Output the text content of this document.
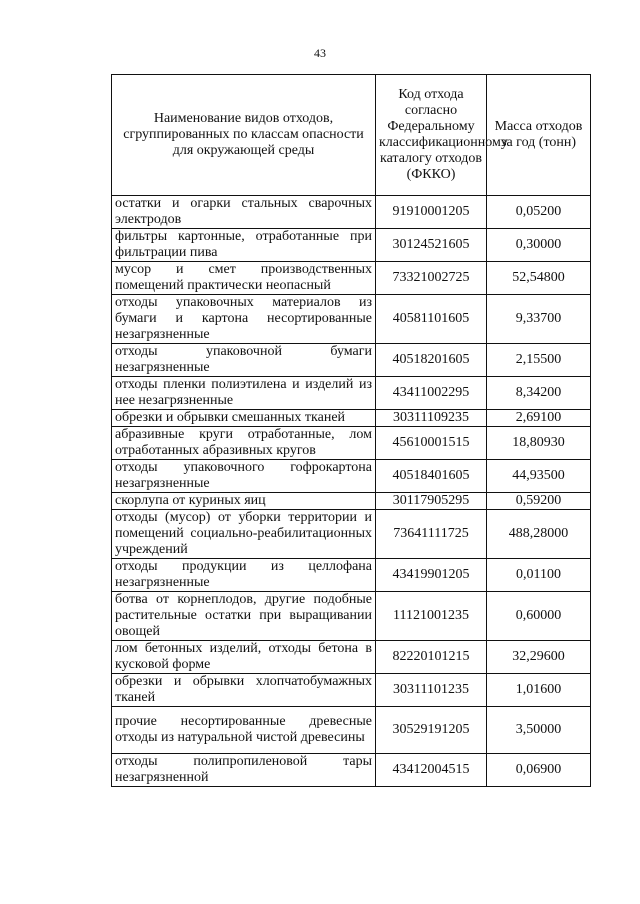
43
Наименование видов отходов, сгруппированных по классам опасности для окружающей среды	Код отхода согласно Федеральному классификационному каталогу отходов (ФККО)	Масса отходов за год (тонн)
остатки и огарки стальных сварочных электродов	91910001205	0,05200
фильтры картонные, отработанные при фильтрации пива	30124521605	0,30000
мусор и смет производственных помещений практически неопасный	73321002725	52,54800
отходы упаковочных материалов из бумаги и картона несортированные незагрязненные	40581101605	9,33700
отходы упаковочной бумаги незагрязненные	40518201605	2,15500
отходы пленки полиэтилена и изделий из нее незагрязненные	43411002295	8,34200
обрезки и обрывки смешанных тканей	30311109235	2,69100
абразивные круги отработанные, лом отработанных абразивных кругов	45610001515	18,80930
отходы упаковочного гофрокартона незагрязненные	40518401605	44,93500
скорлупа от куриных яиц	30117905295	0,59200
отходы (мусор) от уборки территории и помещений социально-реабилитационных учреждений	73641111725	488,28000
отходы продукции из целлофана незагрязненные	43419901205	0,01100
ботва от корнеплодов, другие подобные растительные остатки при выращивании овощей	11121001235	0,60000
лом бетонных изделий, отходы бетона в кусковой форме	82220101215	32,29600
обрезки и обрывки хлопчатобумажных тканей	30311101235	1,01600
прочие несортированные древесные отходы из натуральной чистой древесины	30529191205	3,50000
отходы полипропиленовой тары незагрязненной	43412004515	0,06900
